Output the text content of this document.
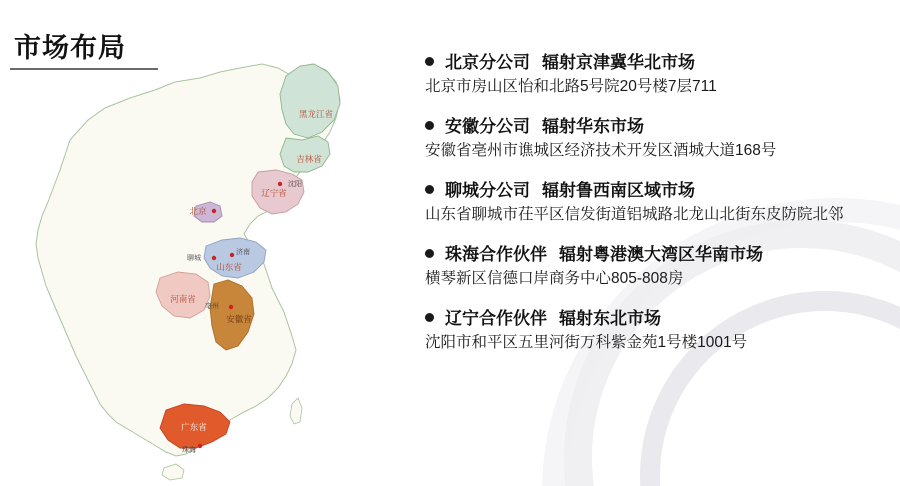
市场布局
黑龙江省
吉林省
辽宁省
沈阳
北京
聊城
济南
山东省
河南省
安徽省
亳州
广东省
珠海
北京分公司 辐射京津冀华北市场
北京市房山区怡和北路5号院20号楼7层711
安徽分公司 辐射华东市场
安徽省亳州市谯城区经济技术开发区酒城大道168号
聊城分公司 辐射鲁西南区域市场
山东省聊城市茌平区信发街道铝城路北龙山北街东皮防院北邻
珠海合作伙伴 辐射粤港澳大湾区华南市场
横琴新区信德口岸商务中心805-808房
辽宁合作伙伴 辐射东北市场
沈阳市和平区五里河街万科紫金苑1号楼1001号
